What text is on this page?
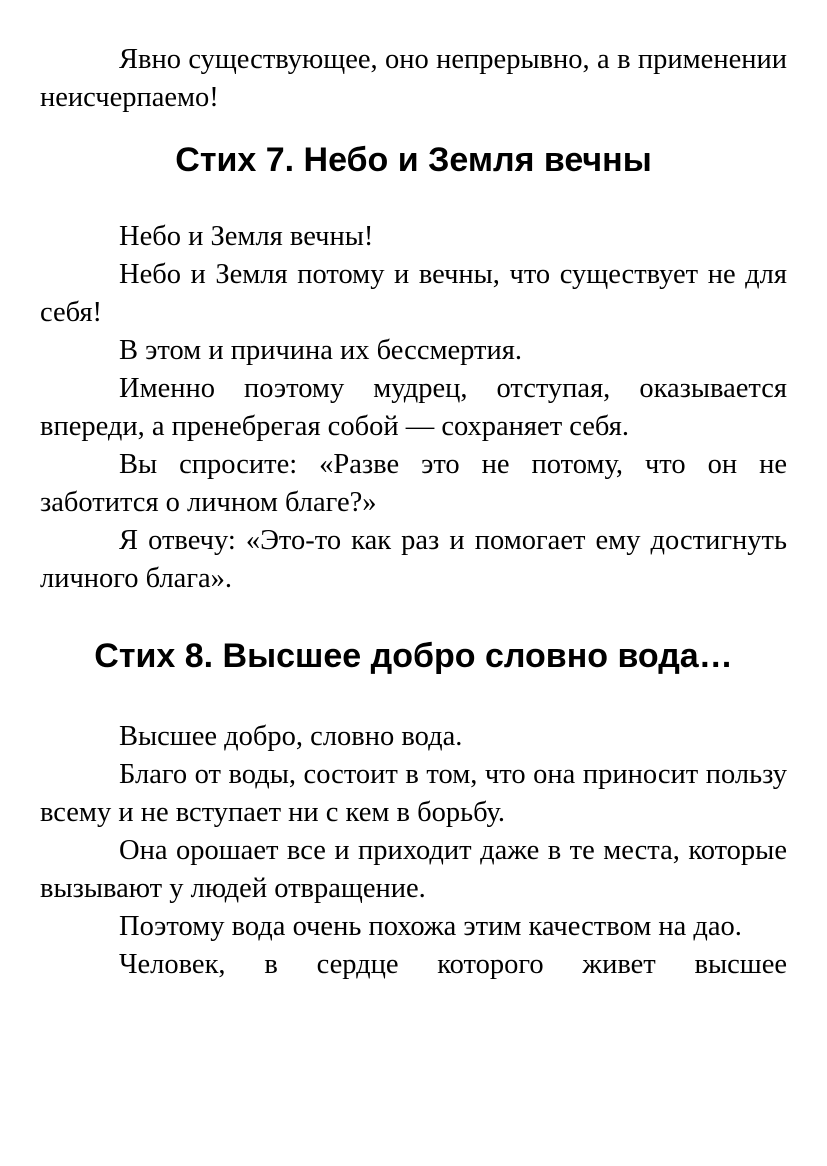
Явно существующее, оно непрерывно, а в применении неисчерпаемо!

Стих 7. Небо и Земля вечны

Небо и Земля вечны!

Небо и Земля потому и вечны, что существует не для себя!

В этом и причина их бессмертия.

Именно поэтому мудрец, отступая, оказывается впереди, а пренебрегая собой — сохраняет себя.

Вы спросите: «Разве это не потому, что он не заботится о личном благе?»

Я отвечу: «Это-то как раз и помогает ему достигнуть личного блага».

Стих 8. Высшее добро словно вода…

Высшее добро, словно вода.

Благо от воды, состоит в том, что она приносит пользу всему и не вступает ни с кем в борьбу.

Она орошает все и приходит даже в те места, которые вызывают у людей отвращение.

Поэтому вода очень похожа этим качеством на дао.

Человек, в сердце которого живет высшее
